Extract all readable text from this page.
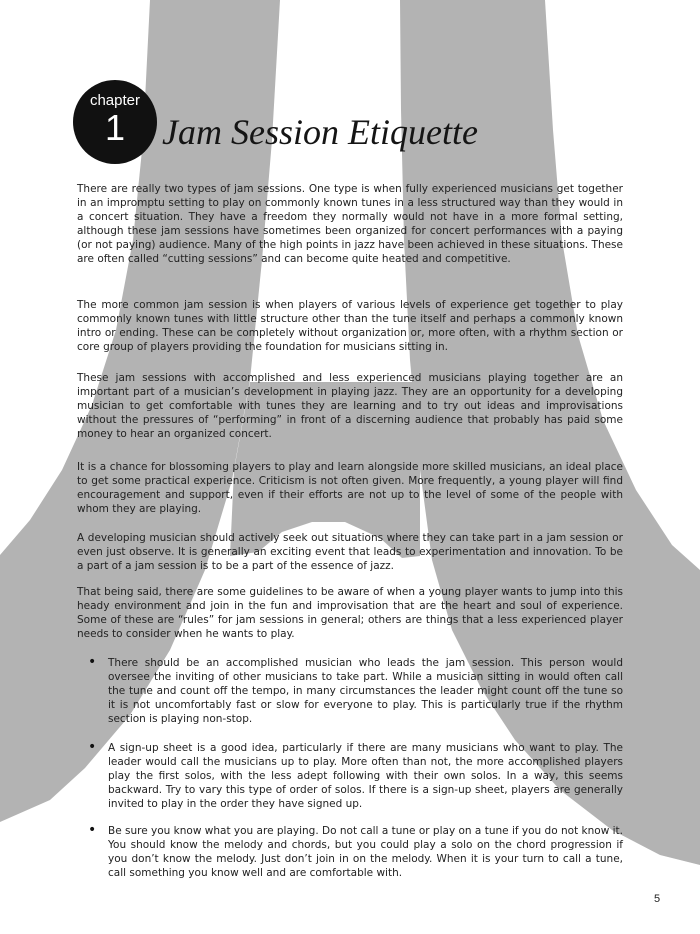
chapter
1	Jam Session Etiquette

There are really two types of jam sessions. One type is when fully experienced musicians get together in an impromptu setting to play on commonly known tunes in a less structured way than they would in a concert situation. They have a freedom they normally would not have in a more formal setting, although these jam sessions have sometimes been organized for concert performances with a paying (or not paying) audience. Many of the high points in jazz have been achieved in these situations. These are often called “cutting sessions” and can become quite heated and competitive.

The more common jam session is when players of various levels of experience get together to play commonly known tunes with little structure other than the tune itself and perhaps a commonly known intro or ending. These can be completely without organization or, more often, with a rhythm section or core group of players providing the foundation for musicians sitting in.

These jam sessions with accomplished and less experienced musicians playing together are an important part of a musician’s development in playing jazz. They are an opportunity for a developing musician to get comfortable with tunes they are learning and to try out ideas and improvisations without the pressures of “performing” in front of a discerning audience that probably has paid some money to hear an organized concert.

It is a chance for blossoming players to play and learn alongside more skilled musicians, an ideal place to get some practical experience. Criticism is not often given. More frequently, a young player will find encouragement and support, even if their efforts are not up to the level of some of the people with whom they are playing.

A developing musician should actively seek out situations where they can take part in a jam session or even just observe. It is generally an exciting event that leads to experimentation and innovation. To be a part of a jam session is to be a part of the essence of jazz.

That being said, there are some guidelines to be aware of when a young player wants to jump into this heady environment and join in the fun and improvisation that are the heart and soul of experience. Some of these are “rules” for jam sessions in general; others are things that a less experienced player needs to consider when he wants to play.

•	There should be an accomplished musician who leads the jam session. This person would oversee the inviting of other musicians to take part. While a musician sitting in would often call the tune and count off the tempo, in many circumstances the leader might count off the tune so it is not uncomfortably fast or slow for everyone to play. This is particularly true if the rhythm section is playing non-stop.

•	A sign-up sheet is a good idea, particularly if there are many musicians who want to play. The leader would call the musicians up to play. More often than not, the more accomplished players play the first solos, with the less adept following with their own solos. In a way, this seems backward. Try to vary this type of order of solos. If there is a sign-up sheet, players are generally invited to play in the order they have signed up.

•	Be sure you know what you are playing. Do not call a tune or play on a tune if you do not know it. You should know the melody and chords, but you could play a solo on the chord progression if you don’t know the melody. Just don’t join in on the melody. When it is your turn to call a tune, call something you know well and are comfortable with.

5
